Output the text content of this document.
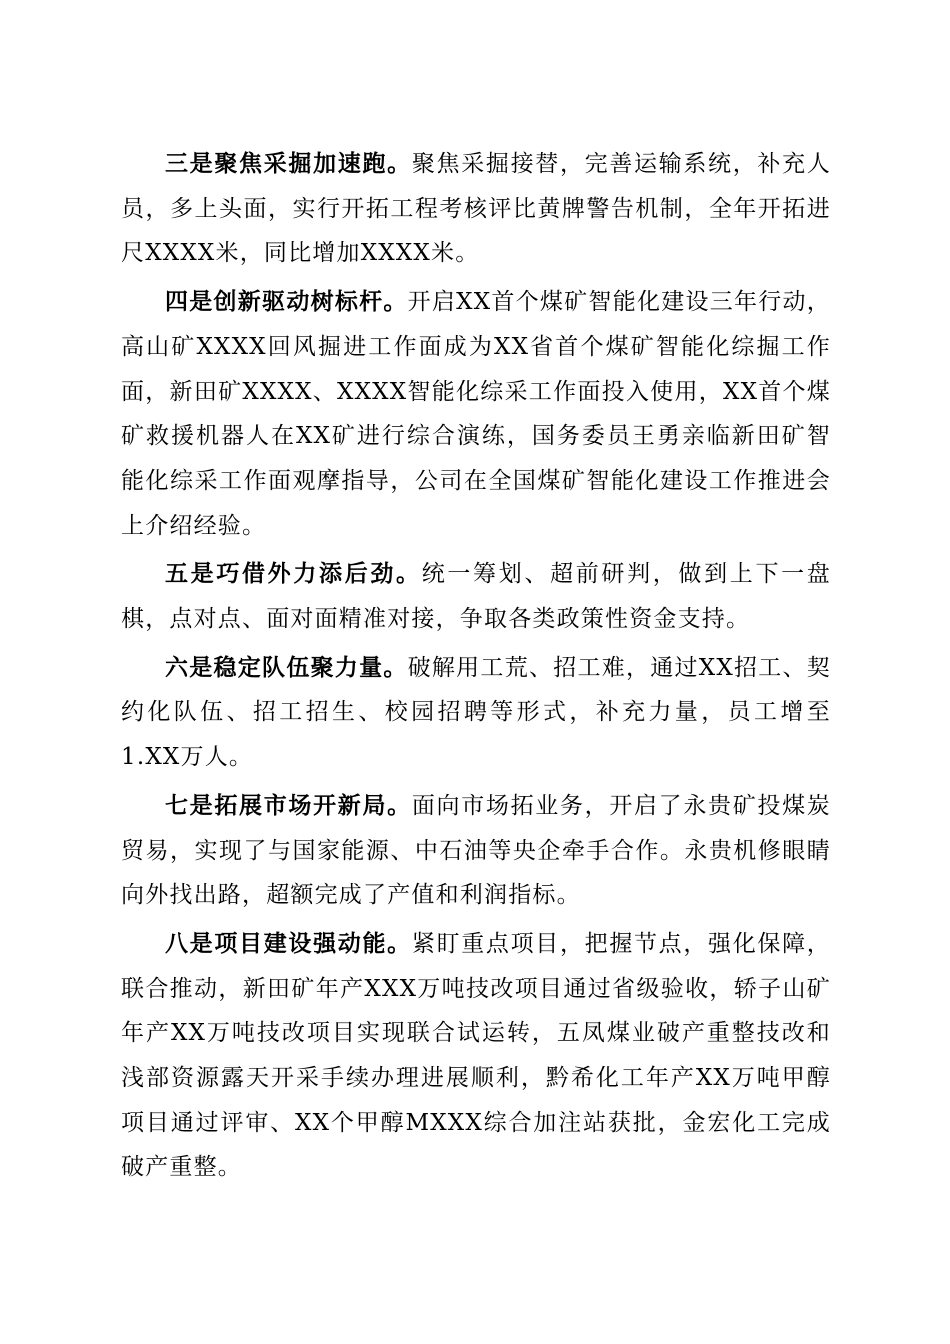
三是聚焦采掘加速跑。聚焦采掘接替，完善运输系统，补充人员，多上头面，实行开拓工程考核评比黄牌警告机制，全年开拓进尺XXXX米，同比增加XXXX米。

四是创新驱动树标杆。开启XX首个煤矿智能化建设三年行动，高山矿XXXX回风掘进工作面成为XX省首个煤矿智能化综掘工作面，新田矿XXXX、XXXX智能化综采工作面投入使用，XX首个煤矿救援机器人在XX矿进行综合演练，国务委员王勇亲临新田矿智能化综采工作面观摩指导，公司在全国煤矿智能化建设工作推进会上介绍经验。

五是巧借外力添后劲。统一筹划、超前研判，做到上下一盘棋，点对点、面对面精准对接，争取各类政策性资金支持。

六是稳定队伍聚力量。破解用工荒、招工难，通过XX招工、契约化队伍、招工招生、校园招聘等形式，补充力量，员工增至1.XX万人。

七是拓展市场开新局。面向市场拓业务，开启了永贵矿投煤炭贸易，实现了与国家能源、中石油等央企牵手合作。永贵机修眼睛向外找出路，超额完成了产值和利润指标。

八是项目建设强动能。紧盯重点项目，把握节点，强化保障，联合推动，新田矿年产XXX万吨技改项目通过省级验收，轿子山矿年产XX万吨技改项目实现联合试运转，五凤煤业破产重整技改和浅部资源露天开采手续办理进展顺利，黔希化工年产XX万吨甲醇项目通过评审、XX个甲醇MXXX综合加注站获批，金宏化工完成破产重整。
